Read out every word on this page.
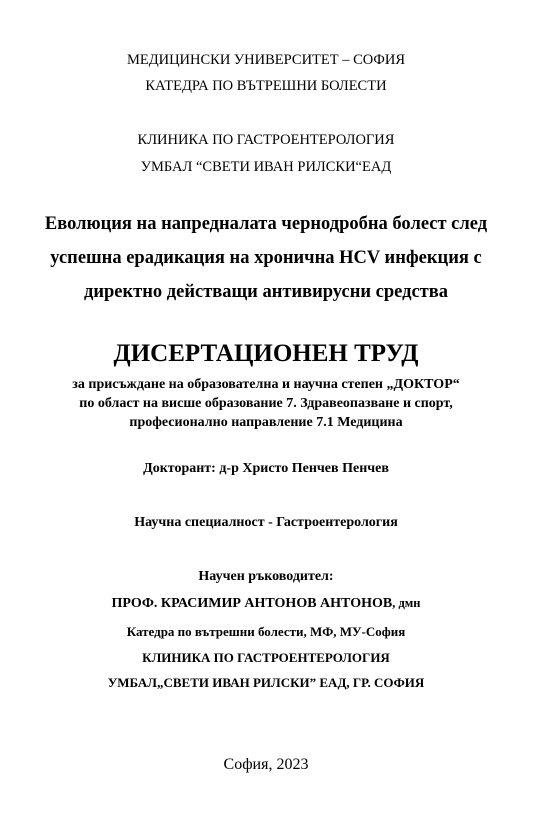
МЕДИЦИНСКИ УНИВЕРСИТЕТ – СОФИЯ
КАТЕДРА ПО ВЪТРЕШНИ БОЛЕСТИ
КЛИНИКА ПО ГАСТРОЕНТЕРОЛОГИЯ
УМБАЛ “СВЕТИ ИВАН РИЛСКИ“ЕАД
Еволюция на напредналата чернодробна болест след
успешна ерадикация на хронична HCV инфекция с
директно действащи антивирусни средства
ДИСЕРТАЦИОНЕН ТРУД
за присъждане на образователна и научна степен „ДОКТОР“
по област на висше образование 7. Здравеопазване и спорт,
професионално направление 7.1 Медицина
Докторант: д-р Христо Пенчев Пенчев
Научна специалност - Гастроентерология
Научен ръководител:
ПРОФ. КРАСИМИР АНТОНОВ АНТОНОВ, дмн
Катедра по вътрешни болести, МФ, МУ-София
КЛИНИКА ПО ГАСТРОЕНТЕРОЛОГИЯ
УМБАЛ„СВЕТИ ИВАН РИЛСКИ” ЕАД, ГР. СОФИЯ
София, 2023
